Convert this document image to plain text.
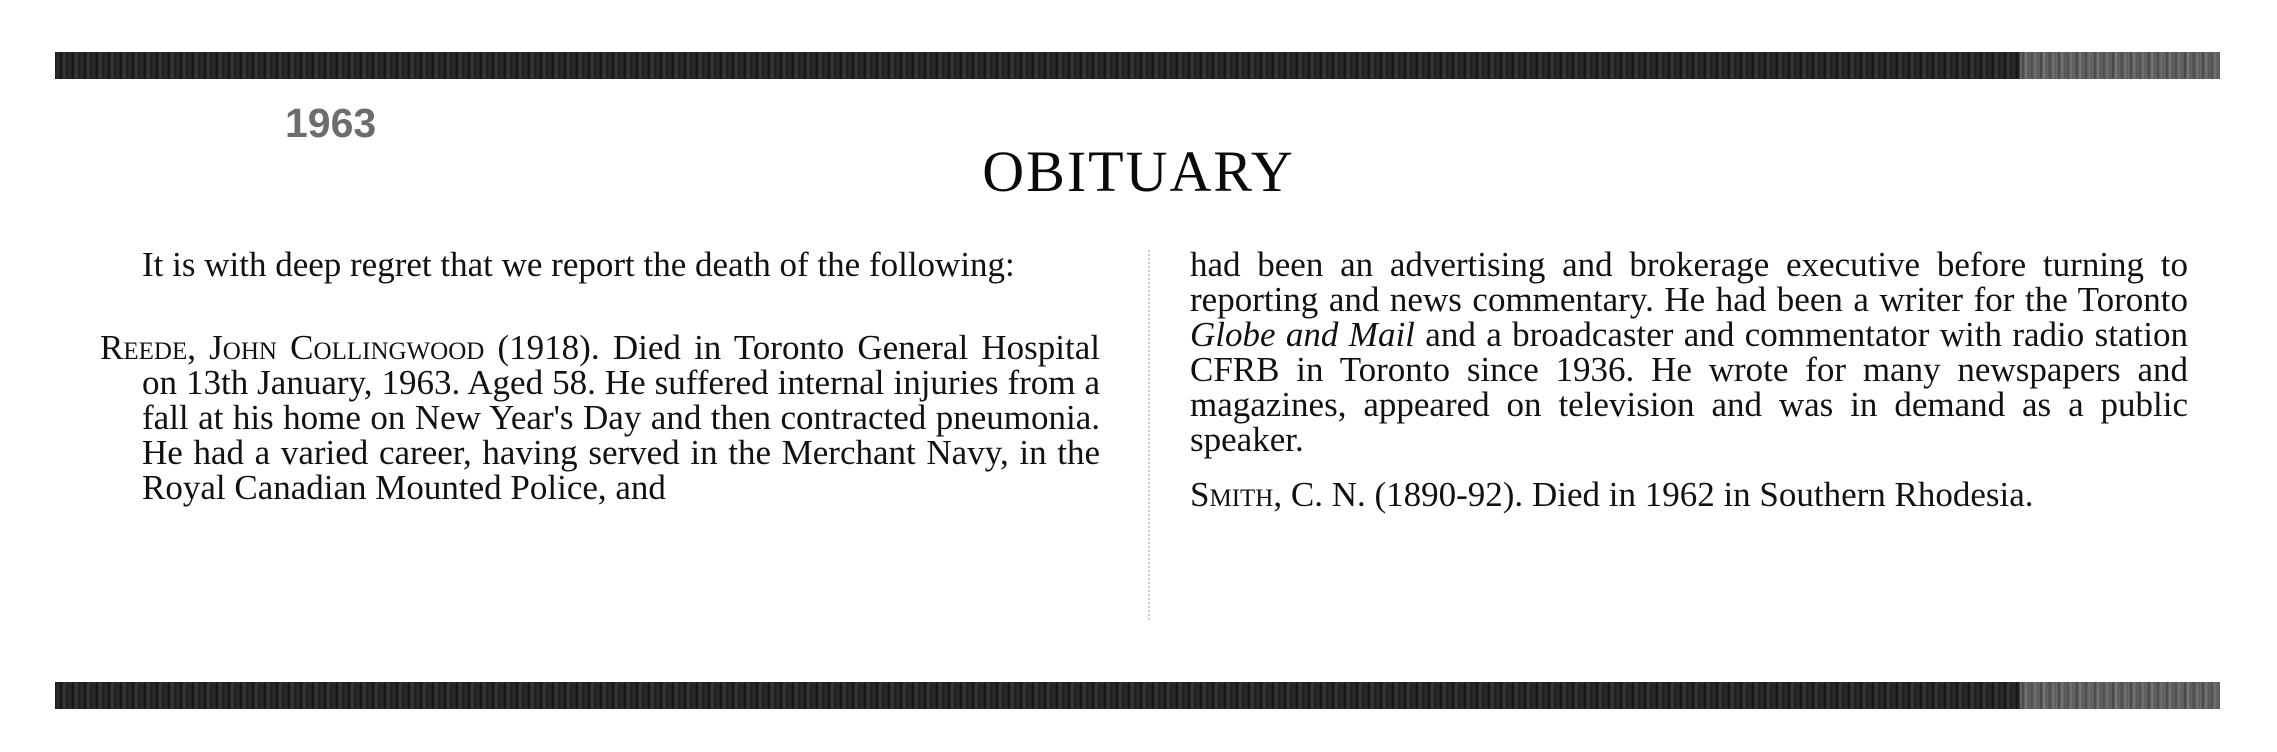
1963
OBITUARY

It is with deep regret that we report the death of the following:

Reede, John Collingwood (1918). Died in Toronto General Hospital on 13th January, 1963. Aged 58. He suffered internal injuries from a fall at his home on New Year's Day and then contracted pneumonia. He had a varied career, having served in the Merchant Navy, in the Royal Canadian Mounted Police, and

had been an advertising and brokerage executive before turning to reporting and news commentary. He had been a writer for the Toronto Globe and Mail and a broadcaster and commentator with radio station CFRB in Toronto since 1936. He wrote for many newspapers and magazines, appeared on television and was in demand as a public speaker.

Smith, C. N. (1890-92). Died in 1962 in Southern Rhodesia.
